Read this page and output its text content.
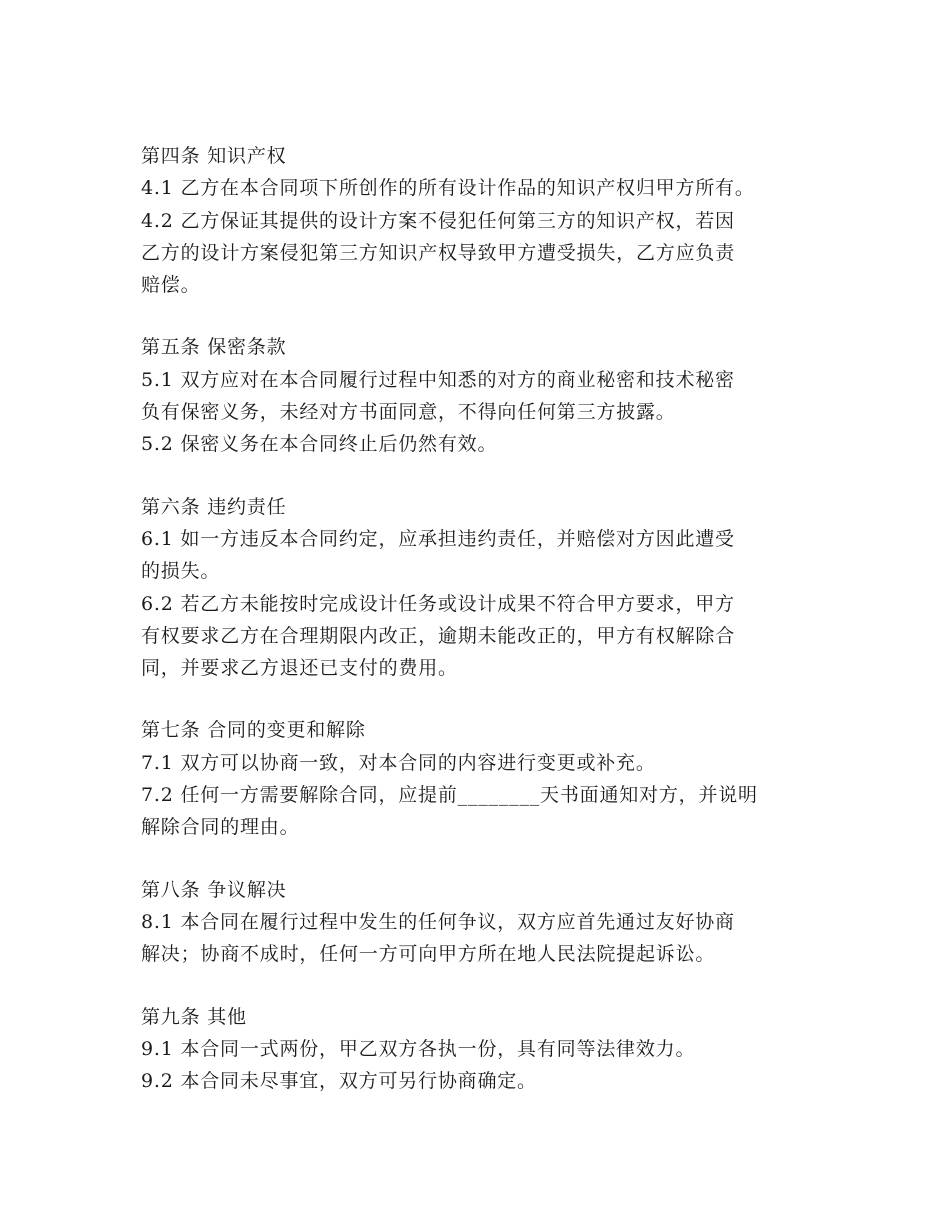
第四条 知识产权
4.1 乙方在本合同项下所创作的所有设计作品的知识产权归甲方所有。
4.2 乙方保证其提供的设计方案不侵犯任何第三方的知识产权，若因
乙方的设计方案侵犯第三方知识产权导致甲方遭受损失，乙方应负责
赔偿。
第五条 保密条款
5.1 双方应对在本合同履行过程中知悉的对方的商业秘密和技术秘密
负有保密义务，未经对方书面同意，不得向任何第三方披露。
5.2 保密义务在本合同终止后仍然有效。
第六条 违约责任
6.1 如一方违反本合同约定，应承担违约责任，并赔偿对方因此遭受
的损失。
6.2 若乙方未能按时完成设计任务或设计成果不符合甲方要求，甲方
有权要求乙方在合理期限内改正，逾期未能改正的，甲方有权解除合
同，并要求乙方退还已支付的费用。
第七条 合同的变更和解除
7.1 双方可以协商一致，对本合同的内容进行变更或补充。
7.2 任何一方需要解除合同，应提前________天书面通知对方，并说明
解除合同的理由。
第八条 争议解决
8.1 本合同在履行过程中发生的任何争议，双方应首先通过友好协商
解决；协商不成时，任何一方可向甲方所在地人民法院提起诉讼。
第九条 其他
9.1 本合同一式两份，甲乙双方各执一份，具有同等法律效力。
9.2 本合同未尽事宜，双方可另行协商确定。
